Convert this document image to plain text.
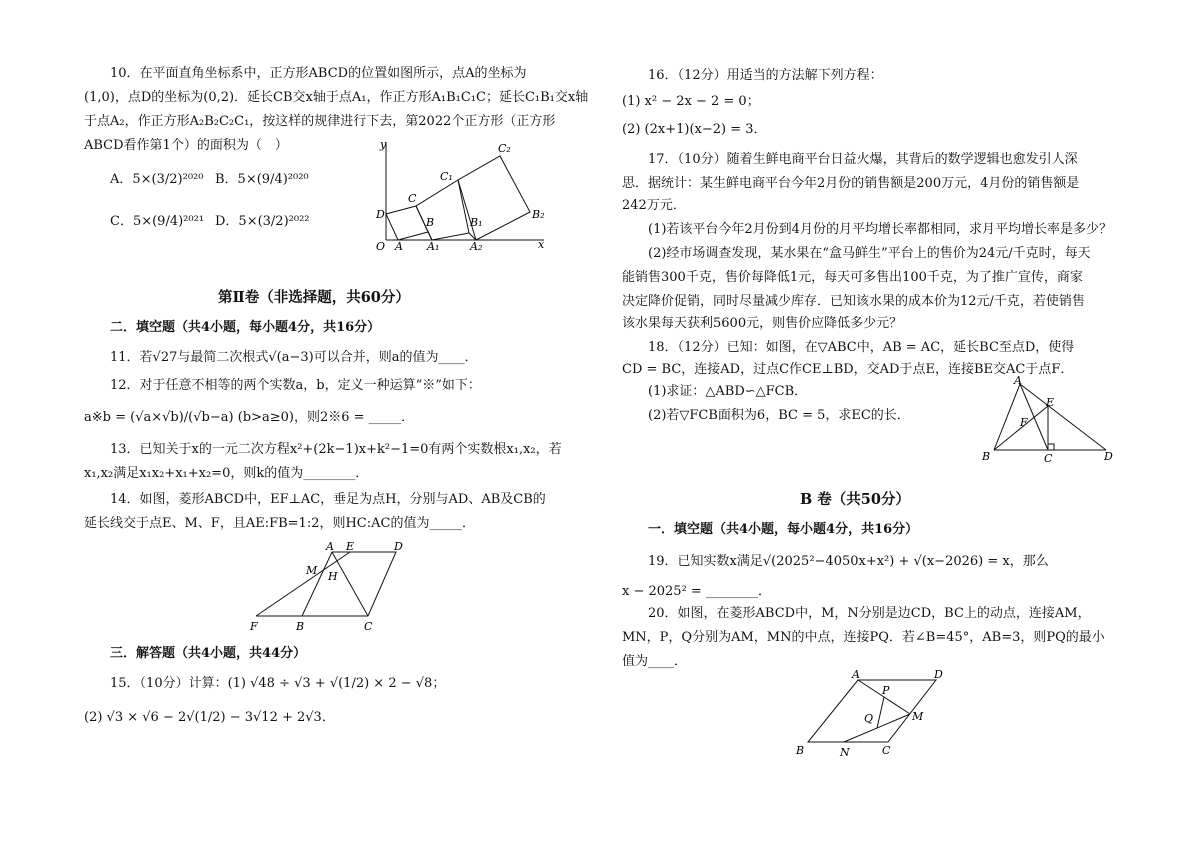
10．在平面直角坐标系中，正方形ABCD的位置如图所示，点A的坐标为
(1,0)，点D的坐标为(0,2)．延长CB交x轴于点A₁，作正方形A₁B₁C₁C；延长C₁B₁交x轴
于点A₂，作正方形A₂B₂C₂C₁，按这样的规律进行下去，第2022个正方形（正方形
ABCD看作第1个）的面积为（　）
A．5×(3/2)²⁰²⁰ B．5×(9/4)²⁰²⁰
C．5×(9/4)²⁰²¹ D．5×(3/2)²⁰²²
y
x
O A A₁	A₂
B	B₁
B₂
C
C₁
C₂
D
第Ⅱ卷（非选择题，共60分）
二．填空题（共4小题，每小题4分，共16分）
11．若√27与最简二次根式√(a−3)可以合并，则a的值为____．
12．对于任意不相等的两个实数a，b，定义一种运算“※”如下：
a※b = (√a×√b)/(√b−a) (b>a≥0)，则2※6 = _____．
13．已知关于x的一元二次方程x²+(2k−1)x+k²−1=0有两个实数根x₁,x₂，若
x₁,x₂满足x₁x₂+x₁+x₂=0，则k的值为________．
14．如图，菱形ABCD中，EF⊥AC，垂足为点H，分别与AD、AB及CB的
延长线交于点E、M、F，且AE:FB=1:2，则HC:AC的值为_____．
A E	D
M H
F	B	C
三．解答题（共4小题，共44分）
15．（10分）计算：(1) √48 ÷ √3 + √(1/2) × 2 − √8；
(2) √3 × √6 − 2√(1/2) − 3√12 + 2√3．
16．（12分）用适当的方法解下列方程：
(1) x² − 2x − 2 = 0；
(2) (2x+1)(x−2) = 3．
17．（10分）随着生鲜电商平台日益火爆，其背后的数学逻辑也愈发引人深
思．据统计：某生鲜电商平台今年2月份的销售额是200万元，4月份的销售额是
242万元．
(1)若该平台今年2月份到4月份的月平均增长率都相同，求月平均增长率是多少？
(2)经市场调查发现，某水果在“盒马鲜生”平台上的售价为24元/千克时，每天
能销售300千克，售价每降低1元，每天可多售出100千克，为了推广宣传，商家
决定降价促销，同时尽量减少库存．已知该水果的成本价为12元/千克，若使销售
该水果每天获利5600元，则售价应降低多少元？
18．（12分）已知：如图，在▽ABC中，AB = AC，延长BC至点D，使得
CD = BC，连接AD，过点C作CE⊥BD，交AD于点E，连接BE交AC于点F．
(1)求证：△ABD∽△FCB．
(2)若▽FCB面积为6，BC = 5，求EC的长．
A
E
F
B	C	D
B 卷（共50分）
一．填空题（共4小题，每小题4分，共16分）
19．已知实数x满足√(2025²−4050x+x²) + √(x−2026) = x，那么
x − 2025² = ________．
20．如图，在菱形ABCD中，M，N分别是边CD，BC上的动点，连接AM，
MN，P，Q分别为AM，MN的中点，连接PQ．若∠B=45°，AB=3，则PQ的最小
值为____．
A
P
D
Q	M
B	N	C
